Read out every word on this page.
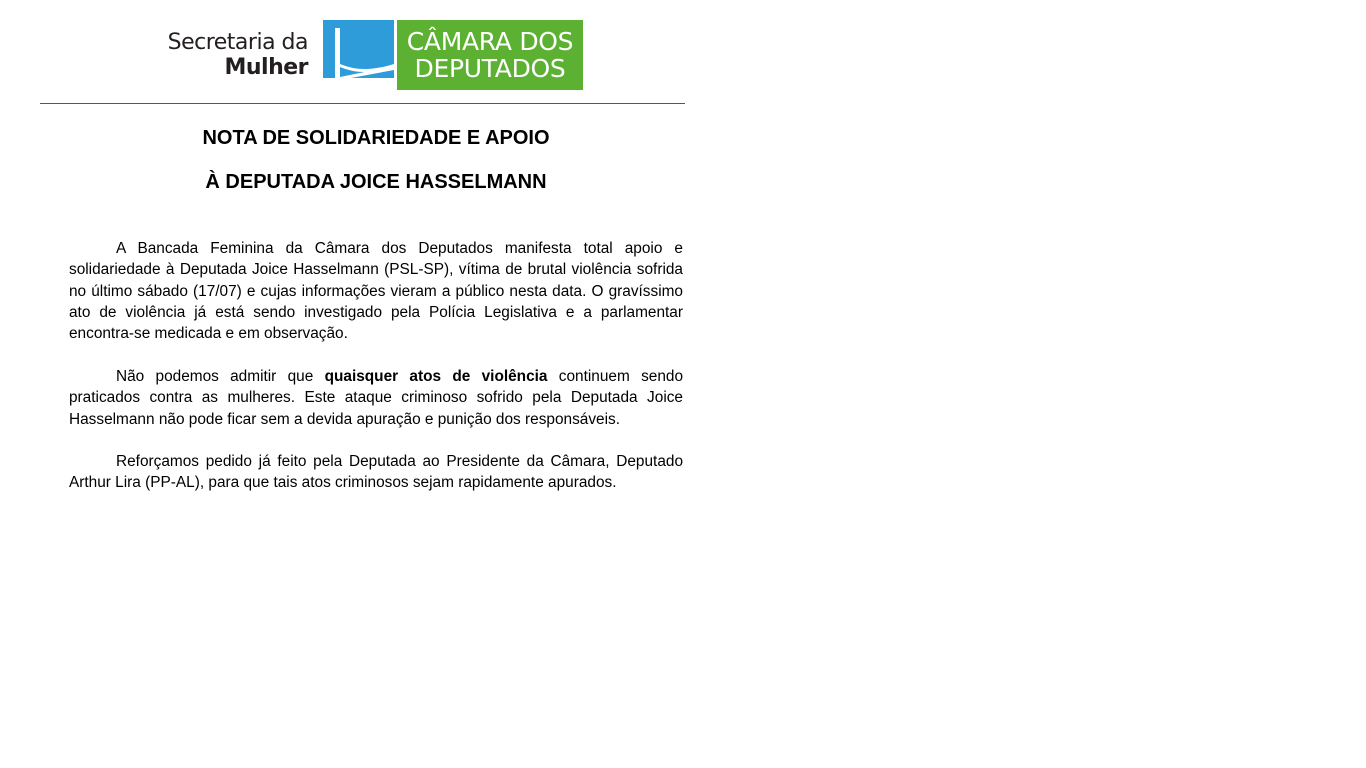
Secretaria da
Mulher
CÂMARA DOS
DEPUTADOS
NOTA DE SOLIDARIEDADE E APOIO
À DEPUTADA JOICE HASSELMANN
A Bancada Feminina da Câmara dos Deputados manifesta total apoio e solidariedade à Deputada Joice Hasselmann (PSL-SP), vítima de brutal violência sofrida no último sábado (17/07) e cujas informações vieram a público nesta data. O gravíssimo ato de violência já está sendo investigado pela Polícia Legislativa e a parlamentar encontra-se medicada e em observação.
Não podemos admitir que quaisquer atos de violência continuem sendo praticados contra as mulheres. Este ataque criminoso sofrido pela Deputada Joice Hasselmann não pode ficar sem a devida apuração e punição dos responsáveis.
Reforçamos pedido já feito pela Deputada ao Presidente da Câmara, Deputado Arthur Lira (PP-AL), para que tais atos criminosos sejam rapidamente apurados.
